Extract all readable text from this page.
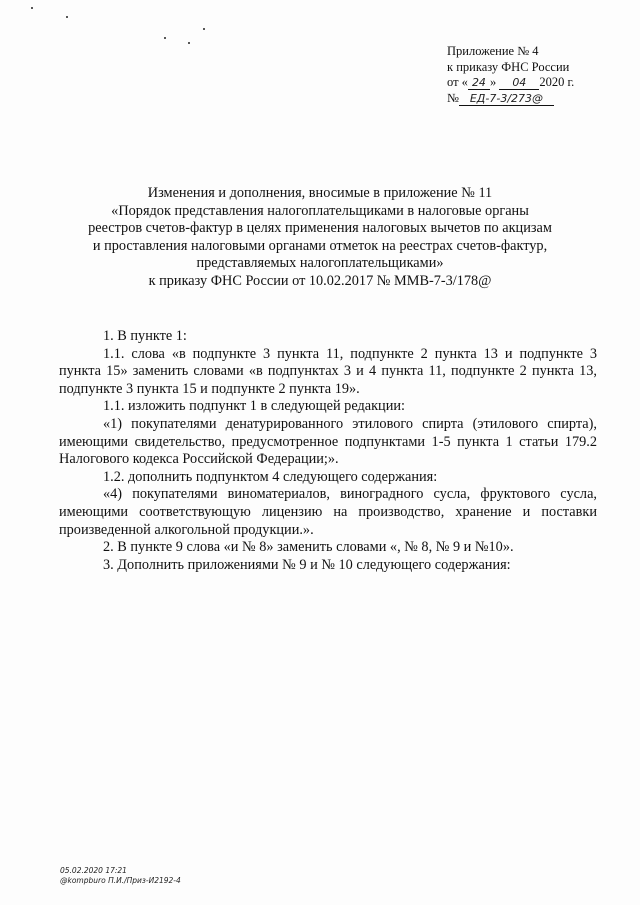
Приложение № 4
к приказу ФНС России
от « 24 » 04 2020 г.
№ ЕД-7-3/273@
Изменения и дополнения, вносимые в приложение № 11
«Порядок представления налогоплательщиками в налоговые органы
реестров счетов-фактур в целях применения налоговых вычетов по акцизам
и проставления налоговыми органами отметок на реестрах счетов-фактур,
представляемых налогоплательщиками»
к приказу ФНС России от 10.02.2017 № ММВ-7-3/178@

1. В пункте 1:

1.1. слова «в подпункте 3 пункта 11, подпункте 2 пункта 13 и подпункте 3 пункта 15» заменить словами «в подпунктах 3 и 4 пункта 11, подпункте 2 пункта 13, подпункте 3 пункта 15 и подпункте 2 пункта 19».

1.1. изложить подпункт 1 в следующей редакции:

«1) покупателями денатурированного этилового спирта (этилового спирта), имеющими свидетельство, предусмотренное подпунктами 1-5 пункта 1 статьи 179.2 Налогового кодекса Российской Федерации;».

1.2. дополнить подпунктом 4 следующего содержания:

«4) покупателями виноматериалов, виноградного сусла, фруктового сусла, имеющими соответствующую лицензию на производство, хранение и поставки произведенной алкогольной продукции.».

2. В пункте 9 слова «и № 8» заменить словами «, № 8, № 9 и №10».

3. Дополнить приложениями № 9 и № 10 следующего содержания:

05.02.2020 17:21
@kompburo П.И./Приз-И2192-4
